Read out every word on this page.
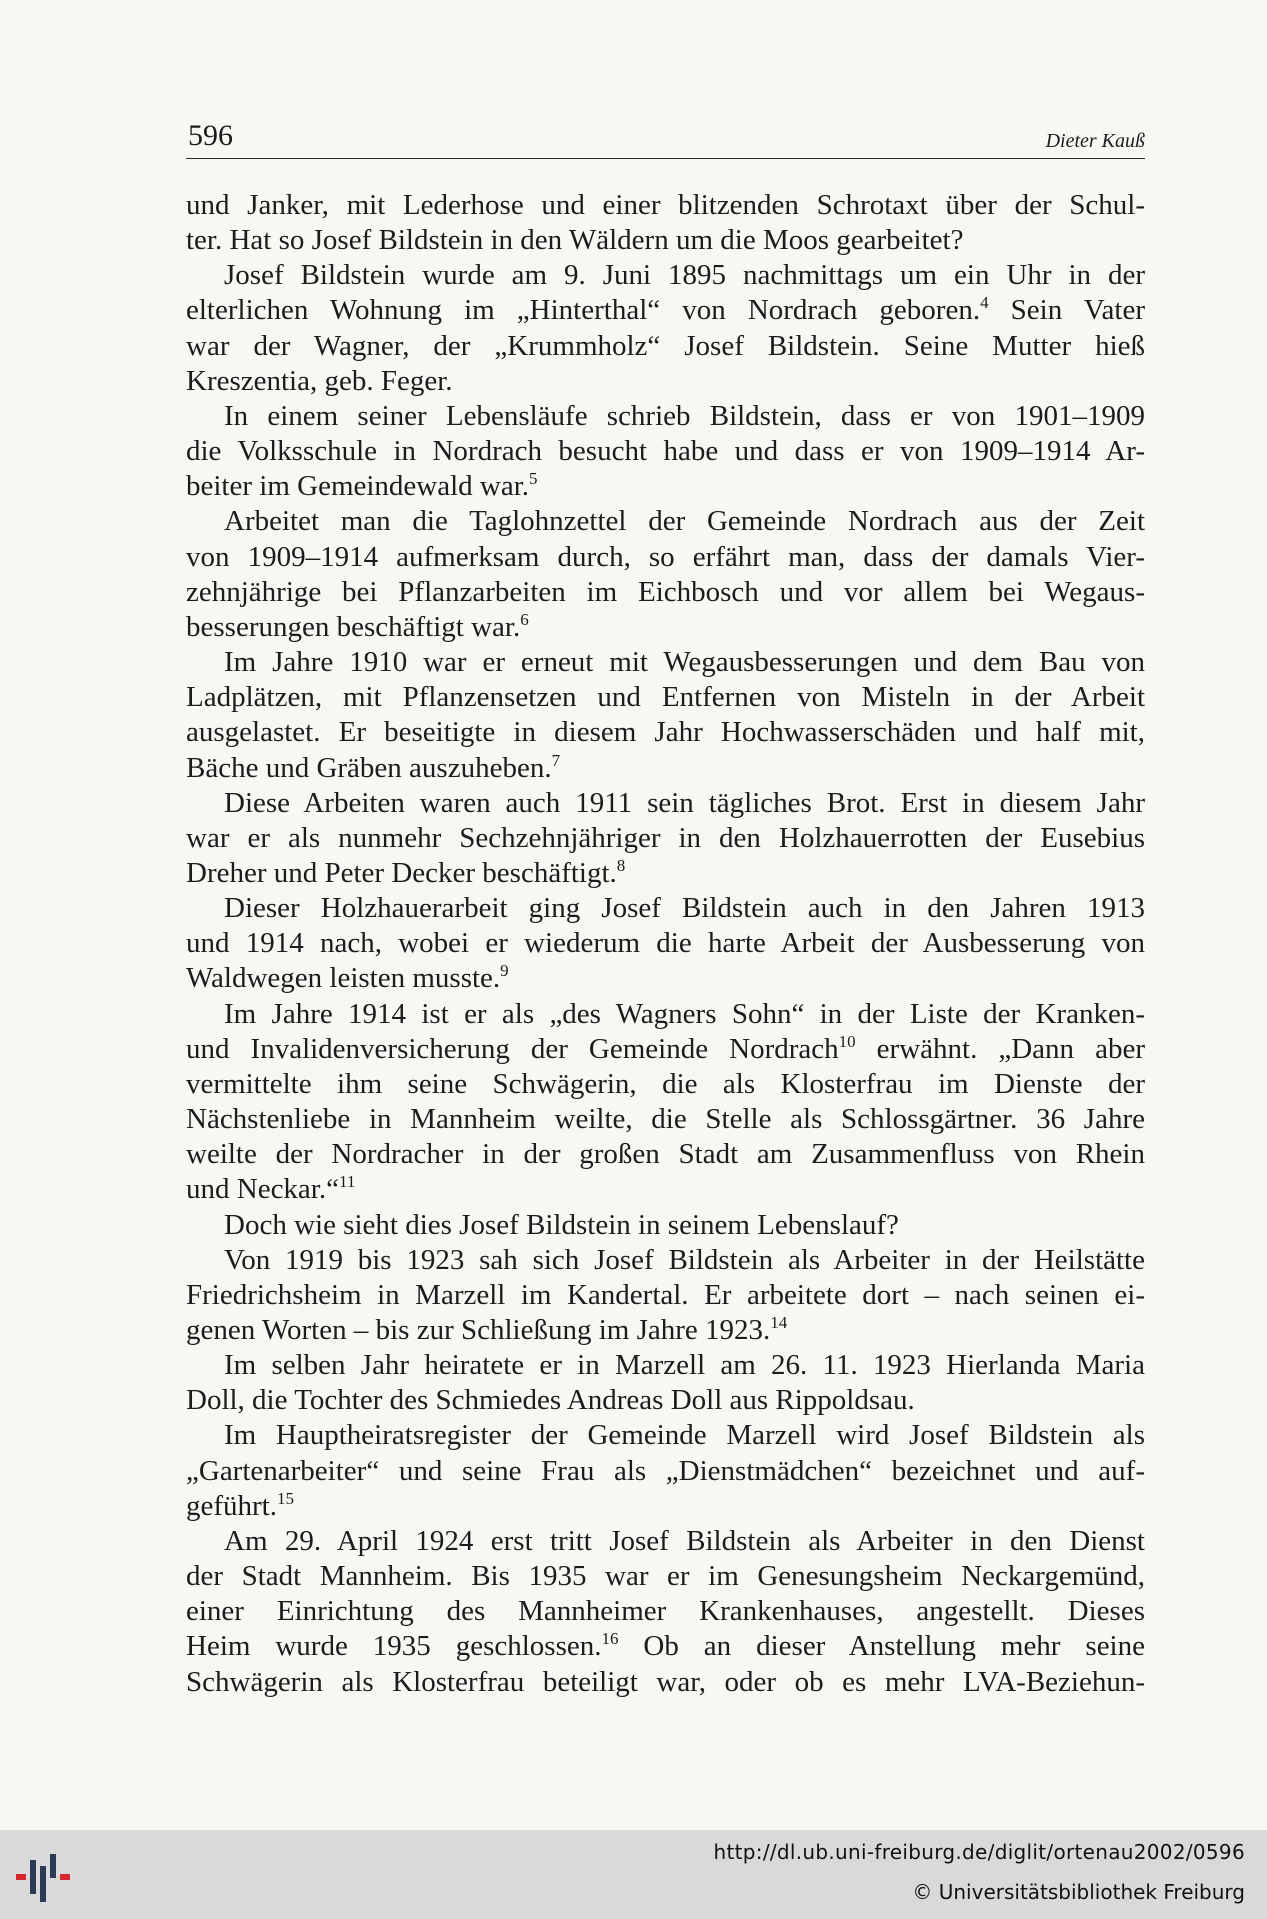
596	Dieter Kauß
und Janker, mit Lederhose und einer blitzenden Schrotaxt über der Schul-
ter. Hat so Josef Bildstein in den Wäldern um die Moos gearbeitet?
Josef Bildstein wurde am 9. Juni 1895 nachmittags um ein Uhr in der
elterlichen Wohnung im „Hinterthal“ von Nordrach geboren.$^4$ Sein Vater
war der Wagner, der „Krummholz“ Josef Bildstein. Seine Mutter hieß
Kreszentia, geb. Feger.
In einem seiner Lebensläufe schrieb Bildstein, dass er von 1901–1909
die Volksschule in Nordrach besucht habe und dass er von 1909–1914 Ar-
beiter im Gemeindewald war.$^5$
Arbeitet man die Taglohnzettel der Gemeinde Nordrach aus der Zeit
von 1909–1914 aufmerksam durch, so erfährt man, dass der damals Vier-
zehnjährige bei Pflanzarbeiten im Eichbosch und vor allem bei Wegaus-
besserungen beschäftigt war.$^6$
Im Jahre 1910 war er erneut mit Wegausbesserungen und dem Bau von
Ladplätzen, mit Pflanzensetzen und Entfernen von Misteln in der Arbeit
ausgelastet. Er beseitigte in diesem Jahr Hochwasserschäden und half mit,
Bäche und Gräben auszuheben.$^7$
Diese Arbeiten waren auch 1911 sein tägliches Brot. Erst in diesem Jahr
war er als nunmehr Sechzehnjähriger in den Holzhauerrotten der Eusebius
Dreher und Peter Decker beschäftigt.$^8$
Dieser Holzhauerarbeit ging Josef Bildstein auch in den Jahren 1913
und 1914 nach, wobei er wiederum die harte Arbeit der Ausbesserung von
Waldwegen leisten musste.$^9$
Im Jahre 1914 ist er als „des Wagners Sohn“ in der Liste der Kranken-
und Invalidenversicherung der Gemeinde Nordrach$^{10}$ erwähnt. „Dann aber
vermittelte ihm seine Schwägerin, die als Klosterfrau im Dienste der
Nächstenliebe in Mannheim weilte, die Stelle als Schlossgärtner. 36 Jahre
weilte der Nordracher in der großen Stadt am Zusammenfluss von Rhein
und Neckar.“$^{11}$
Doch wie sieht dies Josef Bildstein in seinem Lebenslauf?
Von 1919 bis 1923 sah sich Josef Bildstein als Arbeiter in der Heilstätte
Friedrichsheim in Marzell im Kandertal. Er arbeitete dort – nach seinen ei-
genen Worten – bis zur Schließung im Jahre 1923.14
Im selben Jahr heiratete er in Marzell am 26. 11. 1923 Hierlanda Maria
Doll, die Tochter des Schmiedes Andreas Doll aus Rippoldsau.
Im Hauptheiratsregister der Gemeinde Marzell wird Josef Bildstein als
„Gartenarbeiter“ und seine Frau als „Dienstmädchen“ bezeichnet und auf-
geführt.$^{15}$
Am 29. April 1924 erst tritt Josef Bildstein als Arbeiter in den Dienst
der Stadt Mannheim. Bis 1935 war er im Genesungsheim Neckargemünd,
einer Einrichtung des Mannheimer Krankenhauses, angestellt. Dieses
Heim wurde 1935 geschlossen.$^{16}$ Ob an dieser Anstellung mehr seine
Schwägerin als Klosterfrau beteiligt war, oder ob es mehr LVA-Beziehun-
http://dl.ub.uni-freiburg.de/diglit/ortenau2002/0596
© Universitätsbibliothek Freiburg
